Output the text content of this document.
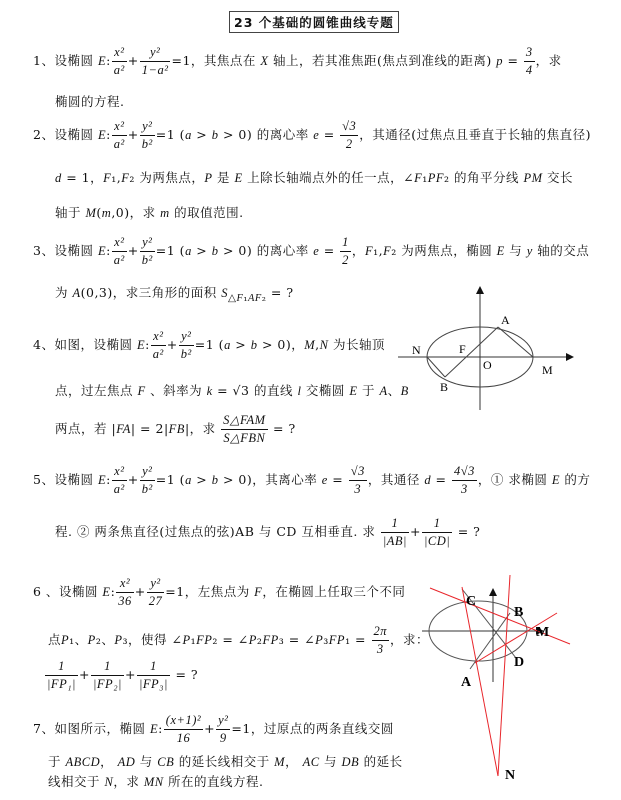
23 个基础的圆锥曲线专题
1、设椭圆 E: $\frac{\text{x²}}{\text{a²}} + \frac{\text{y²}}{\text{1−a²}} =1$，其焦点在 X 轴上，若其准焦距(焦点到准线的距离) $p = \frac{3}{4}$ ，求
椭圆的方程.
2、设椭圆 E: $\frac{\text{x²}}{\text{a²}} + \frac{\text{y²}}{\text{b²}} =1$ (a > b > 0) 的离心率 $e = \frac{√3}{2}$ ，其通径(过焦点且垂直于长轴的焦直径)
d = 1，F₁,F₂ 为两焦点，P 是 E 上除长轴端点外的任一点，∠F₁PF₂ 的角平分线 PM 交长
轴于 M(m,0)，求 m 的取值范围.
3、设椭圆 E: $\frac{\text{x²}}{\text{a²}} + \frac{\text{y²}}{\text{b²}} =1$ (a > b > 0) 的离心率 $e = \frac{1}{2}$ ，F₁,F₂ 为两焦点，椭圆 E 与 y 轴的交点
为 A(0,3)，求三角形的面积 $S_{\triangle F_1AF_2}$ = ?
4、如图，设椭圆 E: $\frac{\text{x²}}{\text{a²}} + \frac{\text{y²}}{\text{b²}} =1$ (a > b > 0)，M,N 为长轴顶
点，过左焦点 F 、斜率为 k = √3 的直线 l 交椭圆 E 于 A、B
两点，若 |FA| = 2|FB|，求 $\frac{\text{S△FAM}}{\text{S△FBN}}$ = ?
N	F
A
O	M
B
5、设椭圆 E: $\frac{\text{x²}}{\text{a²}} + \frac{\text{y²}}{\text{b²}} =1$ (a > b > 0)，其离心率 $e = \frac{√3}{3}$ ，其通径 $d = \frac{4√3}{3}$ ，① 求椭圆 E 的方
程. ② 两条焦直径(过焦点的弦)AB 与 CD 互相垂直. 求 $\frac{1}{|AB|} + \frac{1}{|CD|}$ = ?
6 、设椭圆 E: $\frac{\text{x²}}{36} + \frac{\text{y²}}{27} =1$，左焦点为 F，在椭圆上任取三个不同
点P₁、P₂、P₃，使得 ∠P₁FP₂ = ∠P₂FP₃ = ∠P₃FP₁ = $\frac{2\pi}{3}$ ，求：
$\frac{1}{\text{|FP₁|}} + \frac{1}{\text{|FP₂|}} + \frac{1}{\text{|FP₃|}}$ = ?
7、如图所示，椭圆 E: $\frac{\text{(x+1)²}}{16} + \frac{\text{y²}}{9} =1$，过原点的两条直线交圆
于 ABCD， AD 与 CB 的延长线相交于 M， AC 与 DB 的延长
线相交于 N，求 MN 所在的直线方程.
C
B
M
D
A
N
